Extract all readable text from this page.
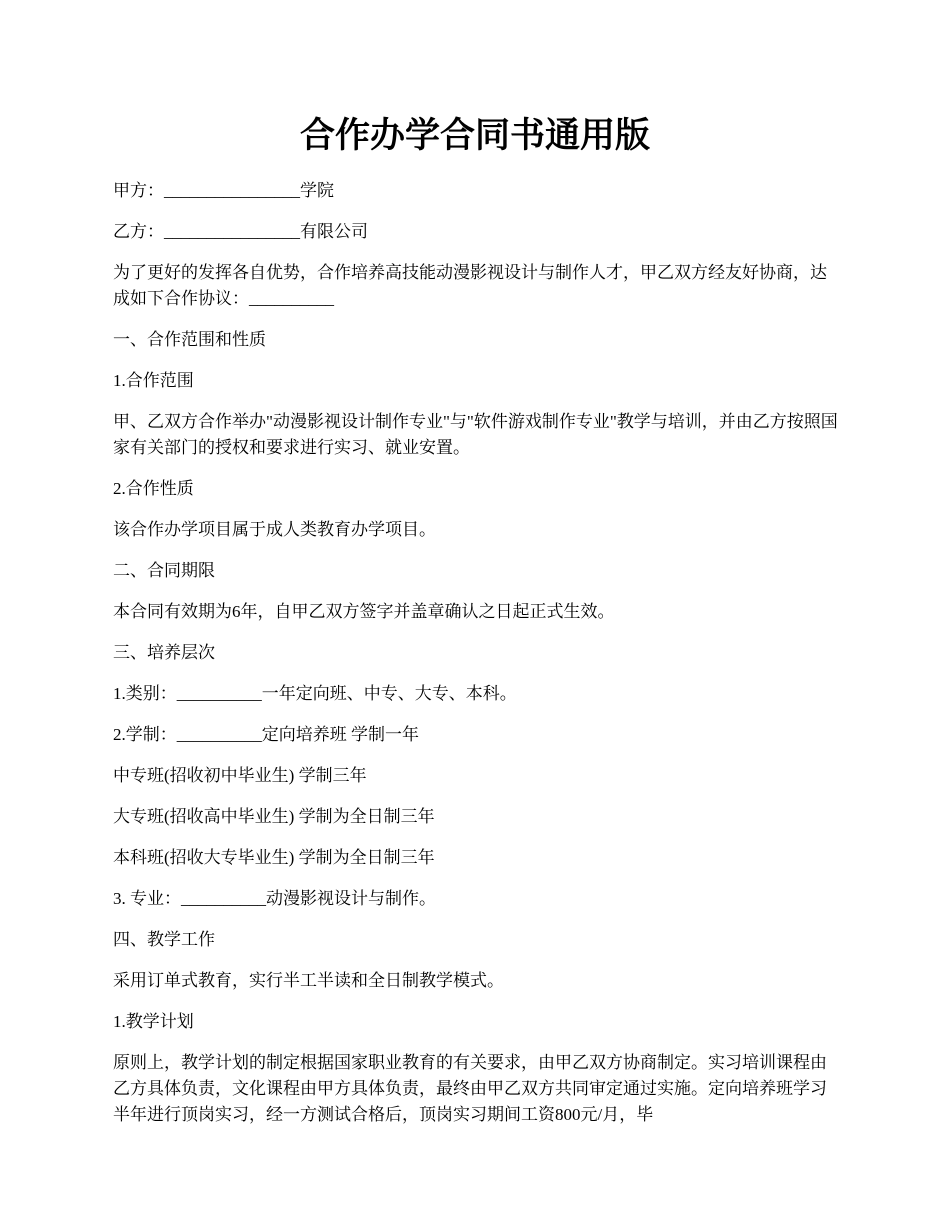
合作办学合同书通用版

甲方：________________学院

乙方：________________有限公司

为了更好的发挥各自优势，合作培养高技能动漫影视设计与制作人才，甲乙双方经友好协商，达成如下合作协议：__________

一、合作范围和性质

1.合作范围

甲、乙双方合作举办"动漫影视设计制作专业"与"软件游戏制作专业"教学与培训，并由乙方按照国家有关部门的授权和要求进行实习、就业安置。

2.合作性质

该合作办学项目属于成人类教育办学项目。

二、合同期限

本合同有效期为6年，自甲乙双方签字并盖章确认之日起正式生效。

三、培养层次

1.类别：__________一年定向班、中专、大专、本科。

2.学制：__________定向培养班 学制一年

中专班(招收初中毕业生) 学制三年

大专班(招收高中毕业生) 学制为全日制三年

本科班(招收大专毕业生) 学制为全日制三年

3. 专业：__________动漫影视设计与制作。

四、教学工作

采用订单式教育，实行半工半读和全日制教学模式。

1.教学计划

原则上，教学计划的制定根据国家职业教育的有关要求，由甲乙双方协商制定。实习培训课程由乙方具体负责，文化课程由甲方具体负责，最终由甲乙双方共同审定通过实施。定向培养班学习半年进行顶岗实习，经一方测试合格后，顶岗实习期间工资800元/月，毕
